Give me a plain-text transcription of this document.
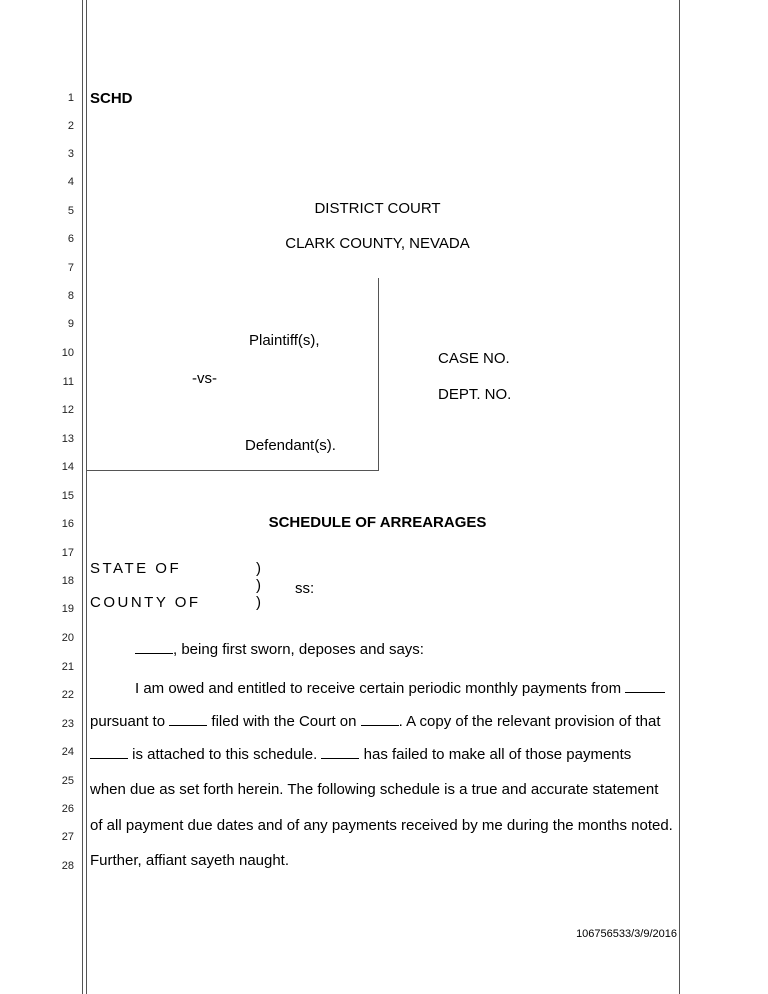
1
2
3
4
5
6
7
8
9
10
11
12
13
14
15
16
17
18
19
20
21
22
23
24
25
26
27
28
SCHD
DISTRICT COURT
CLARK COUNTY, NEVADA
Plaintiff(s),
-vs-
Defendant(s).
CASE NO.
DEPT. NO.
SCHEDULE OF ARREARAGES
STATE OF
COUNTY OF
)
)
)
ss:
, being first sworn, deposes and says:
I am owed and entitled to receive certain periodic monthly payments from
pursuant to	filed with the Court on	. A copy of the relevant provision of that
is attached to this schedule.	has failed to make all of those payments
when due as set forth herein. The following schedule is a true and accurate statement
of all payment due dates and of any payments received by me during the months noted.
Further, affiant sayeth naught.
106756533/3/9/2016
